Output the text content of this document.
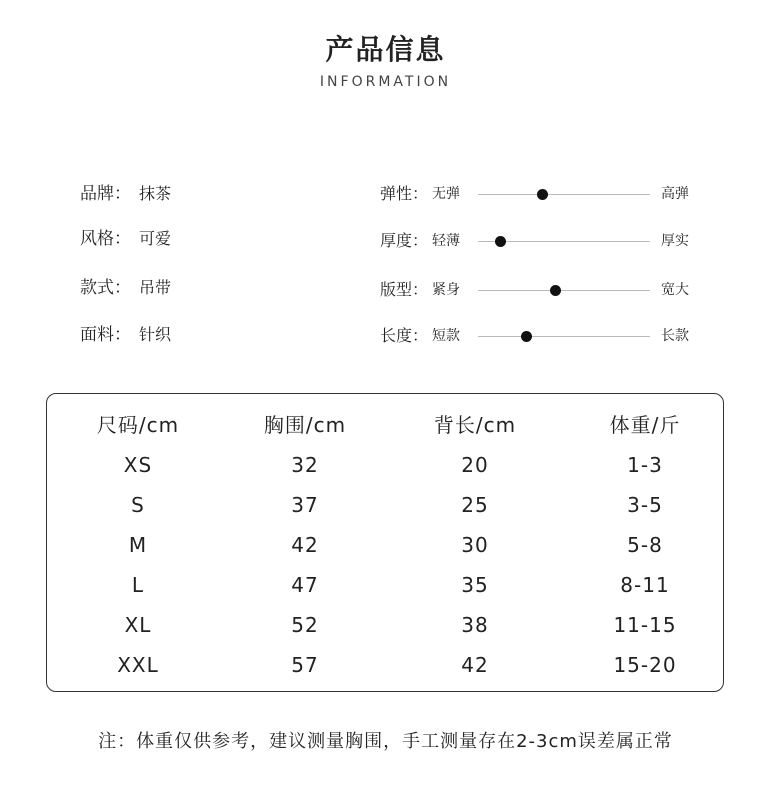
产品信息
INFORMATION
品牌： 抹茶
风格： 可爱
款式： 吊带
面料： 针织
弹性： 无弹	高弹
厚度： 轻薄	厚实
版型： 紧身	宽大
长度： 短款	长款
尺码/cm	胸围/cm	背长/cm	体重/斤
XS	32	20	1-3
S	37	25	3-5
M	42	30	5-8
L	47	35	8-11
XL	52	38	11-15
XXL	57	42	15-20
注：体重仅供参考，建议测量胸围，手工测量存在2-3cm误差属正常
